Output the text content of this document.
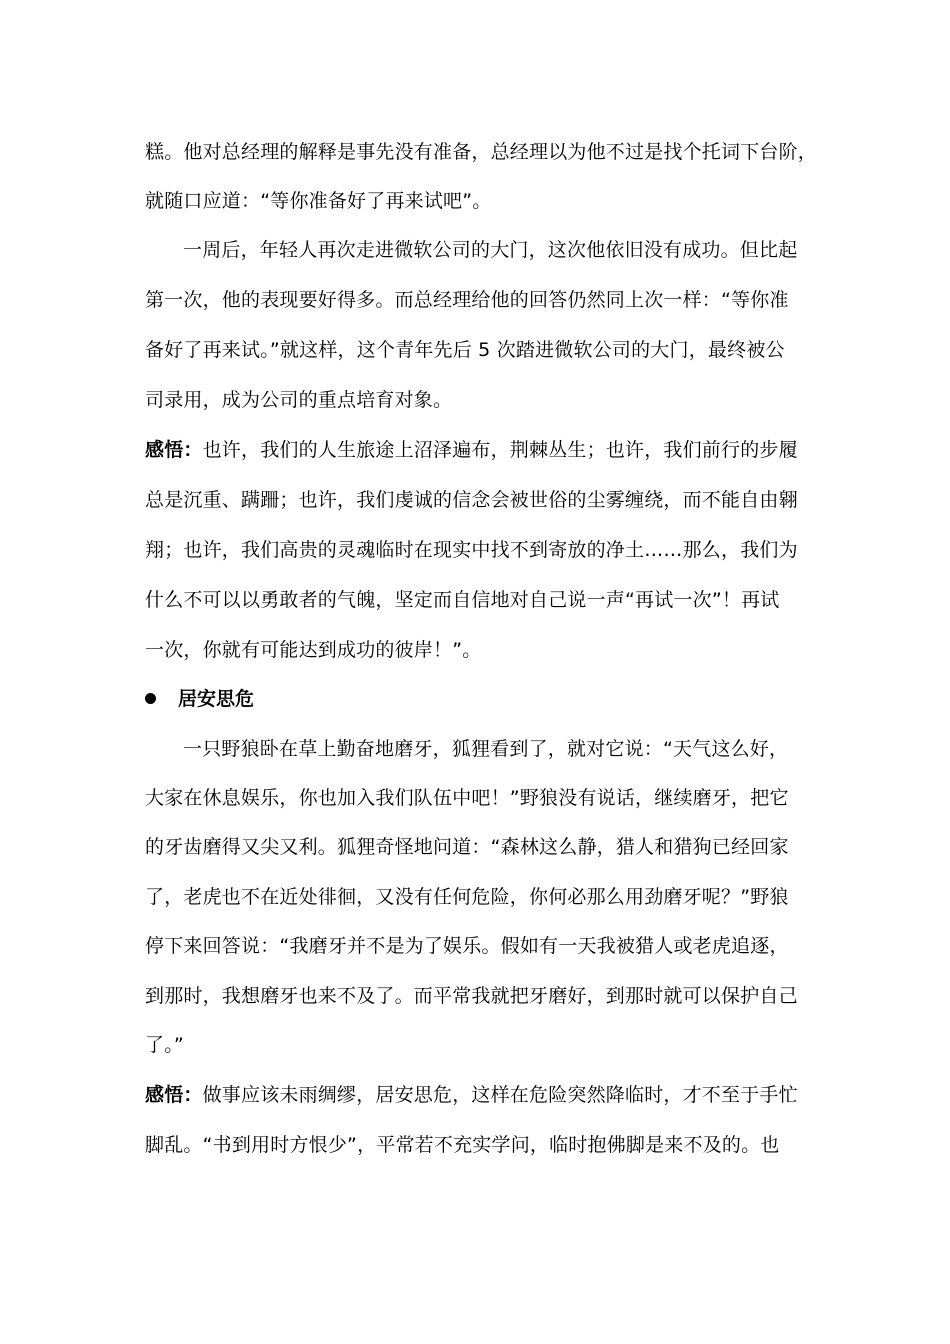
糕。他对总经理的解释是事先没有准备，总经理以为他不过是找个托词下台阶，
就随口应道：“等你准备好了再来试吧”。
一周后，年轻人再次走进微软公司的大门，这次他依旧没有成功。但比起
第一次，他的表现要好得多。而总经理给他的回答仍然同上次一样：“等你准
备好了再来试。”就这样，这个青年先后 5 次踏进微软公司的大门，最终被公
司录用，成为公司的重点培育对象。
感悟：也许，我们的人生旅途上沼泽遍布，荆棘丛生；也许，我们前行的步履
总是沉重、蹒跚；也许，我们虔诚的信念会被世俗的尘雾缠绕，而不能自由翱
翔；也许，我们高贵的灵魂临时在现实中找不到寄放的净土……那么，我们为
什么不可以以勇敢者的气魄，坚定而自信地对自己说一声“再试一次”！再试
一次，你就有可能达到成功的彼岸！”。
居安思危
一只野狼卧在草上勤奋地磨牙，狐狸看到了，就对它说：“天气这么好，
大家在休息娱乐，你也加入我们队伍中吧！”野狼没有说话，继续磨牙，把它
的牙齿磨得又尖又利。狐狸奇怪地问道：“森林这么静，猎人和猎狗已经回家
了，老虎也不在近处徘徊，又没有任何危险，你何必那么用劲磨牙呢？”野狼
停下来回答说：“我磨牙并不是为了娱乐。假如有一天我被猎人或老虎追逐，
到那时，我想磨牙也来不及了。而平常我就把牙磨好，到那时就可以保护自己
了。”
感悟：做事应该未雨绸缪，居安思危，这样在危险突然降临时，才不至于手忙
脚乱。“书到用时方恨少”，平常若不充实学问，临时抱佛脚是来不及的。也
